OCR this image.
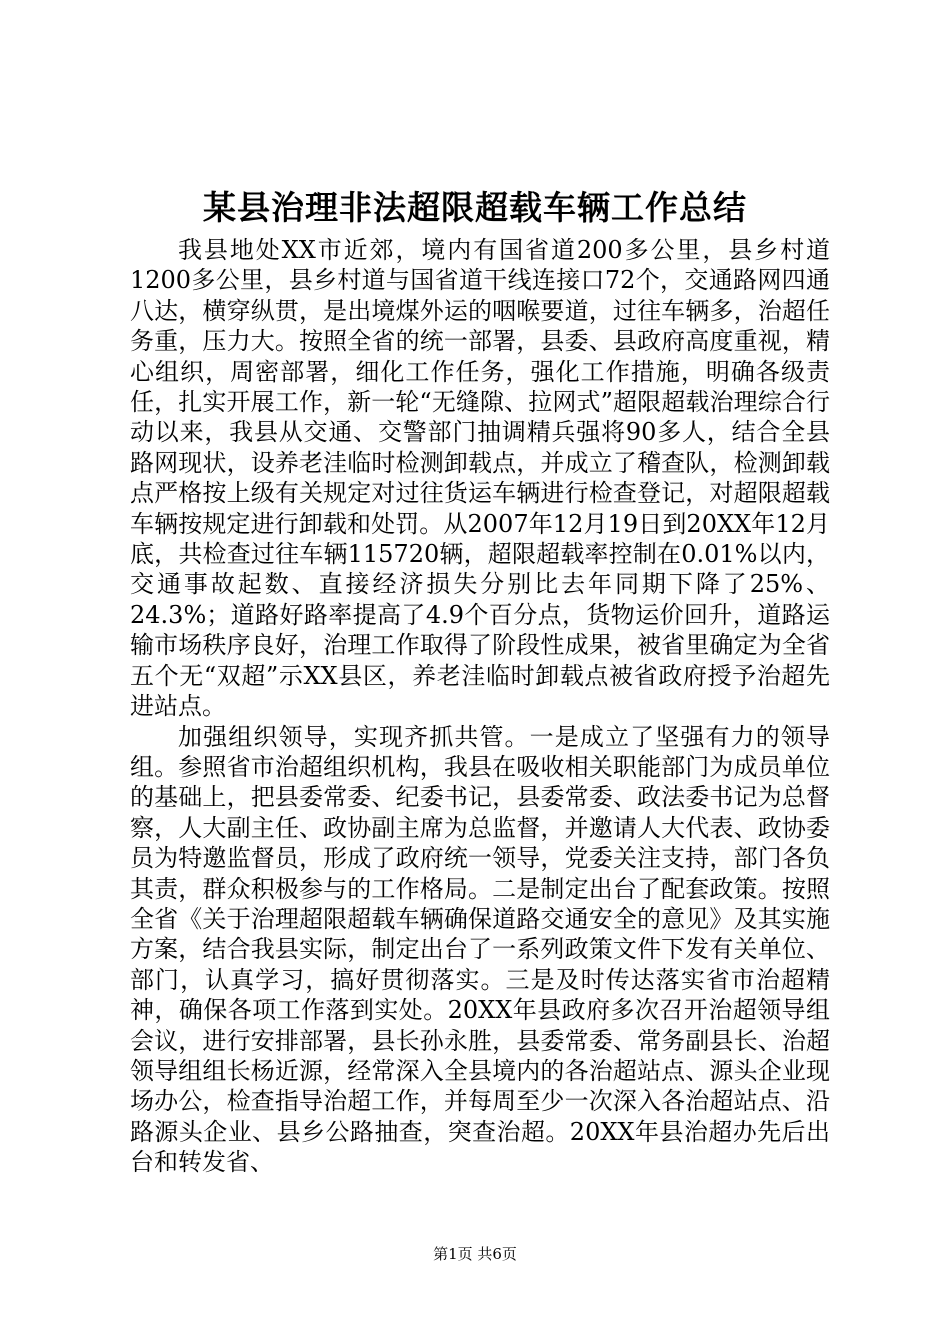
某县治理非法超限超载车辆工作总结

我县地处XX市近郊，境内有国省道200多公里，县乡村道1200多公里，县乡村道与国省道干线连接口72个，交通路网四通八达，横穿纵贯，是出境煤外运的咽喉要道，过往车辆多，治超任务重，压力大。按照全省的统一部署，县委、县政府高度重视，精心组织，周密部署，细化工作任务，强化工作措施，明确各级责任，扎实开展工作，新一轮“无缝隙、拉网式”超限超载治理综合行动以来，我县从交通、交警部门抽调精兵强将90多人，结合全县路网现状，设养老洼临时检测卸载点，并成立了稽查队，检测卸载点严格按上级有关规定对过往货运车辆进行检查登记，对超限超载车辆按规定进行卸载和处罚。从2007年12月19日到20XX年12月底，共检查过往车辆115720辆，超限超载率控制在0.01%以内，交通事故起数、直接经济损失分别比去年同期下降了25%、24.3%；道路好路率提高了4.9个百分点，货物运价回升，道路运输市场秩序良好，治理工作取得了阶段性成果，被省里确定为全省五个无“双超”示XX县区，养老洼临时卸载点被省政府授予治超先进站点。

加强组织领导，实现齐抓共管。一是成立了坚强有力的领导组。参照省市治超组织机构，我县在吸收相关职能部门为成员单位的基础上，把县委常委、纪委书记，县委常委、政法委书记为总督察，人大副主任、政协副主席为总监督，并邀请人大代表、政协委员为特邀监督员，形成了政府统一领导，党委关注支持，部门各负其责，群众积极参与的工作格局。二是制定出台了配套政策。按照全省《关于治理超限超载车辆确保道路交通安全的意见》及其实施方案，结合我县实际，制定出台了一系列政策文件下发有关单位、部门，认真学习，搞好贯彻落实。三是及时传达落实省市治超精神，确保各项工作落到实处。20XX年县政府多次召开治超领导组会议，进行安排部署，县长孙永胜，县委常委、常务副县长、治超领导组组长杨近源，经常深入全县境内的各治超站点、源头企业现场办公，检查指导治超工作，并每周至少一次深入各治超站点、沿路源头企业、县乡公路抽查，突查治超。20XX年县治超办先后出台和转发省、

第1页 共6页
